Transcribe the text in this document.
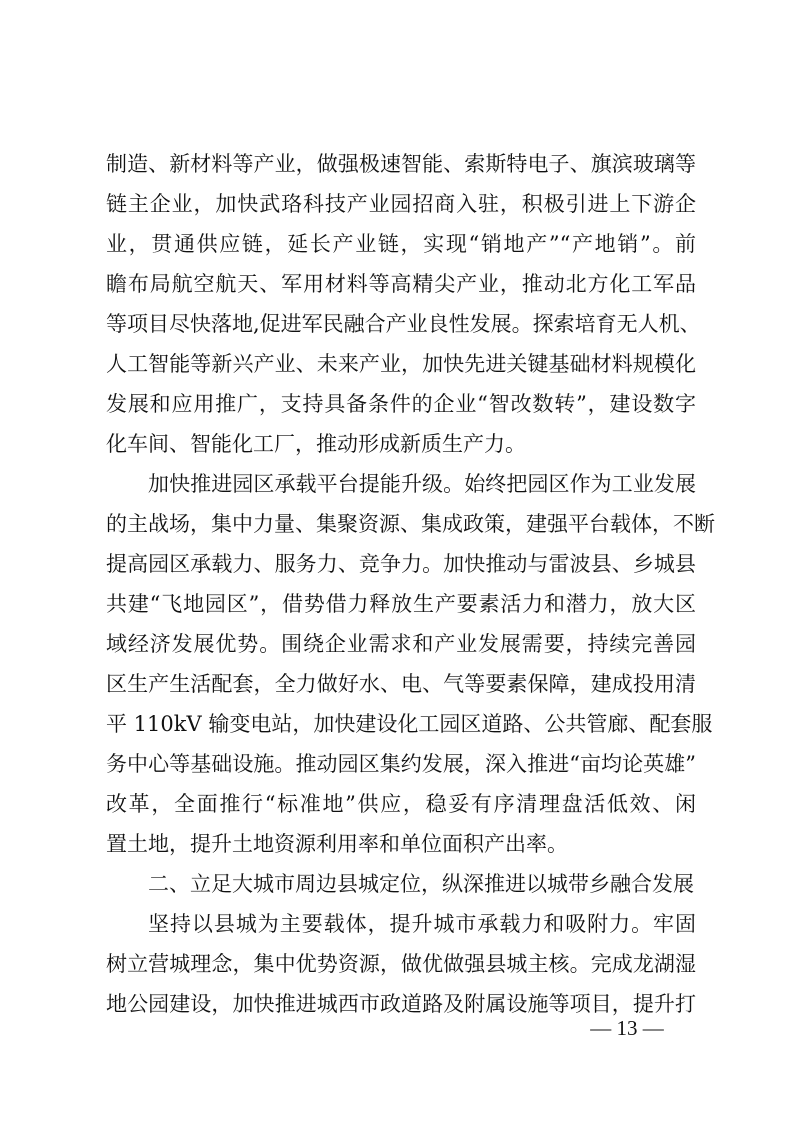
制造、新材料等产业，做强极速智能、索斯特电子、旗滨玻璃等
链主企业，加快武珞科技产业园招商入驻，积极引进上下游企
业，贯通供应链，延长产业链，实现“销地产”“产地销”。前
瞻布局航空航天、军用材料等高精尖产业，推动北方化工军品
等项目尽快落地,促进军民融合产业良性发展。探索培育无人机、
人工智能等新兴产业、未来产业，加快先进关键基础材料规模化
发展和应用推广，支持具备条件的企业“智改数转”，建设数字
化车间、智能化工厂，推动形成新质生产力。
加快推进园区承载平台提能升级。始终把园区作为工业发展
的主战场，集中力量、集聚资源、集成政策，建强平台载体，不断
提高园区承载力、服务力、竞争力。加快推动与雷波县、乡城县
共建“飞地园区”，借势借力释放生产要素活力和潜力，放大区
域经济发展优势。围绕企业需求和产业发展需要，持续完善园
区生产生活配套，全力做好水、电、气等要素保障，建成投用清
平 110kV 输变电站，加快建设化工园区道路、公共管廊、配套服
务中心等基础设施。推动园区集约发展，深入推进“亩均论英雄”
改革，全面推行“标准地”供应，稳妥有序清理盘活低效、闲
置土地，提升土地资源利用率和单位面积产出率。
二、立足大城市周边县城定位，纵深推进以城带乡融合发展
坚持以县城为主要载体，提升城市承载力和吸附力。牢固
树立营城理念，集中优势资源，做优做强县城主核。完成龙湖湿
地公园建设，加快推进城西市政道路及附属设施等项目，提升打
— 13 —
